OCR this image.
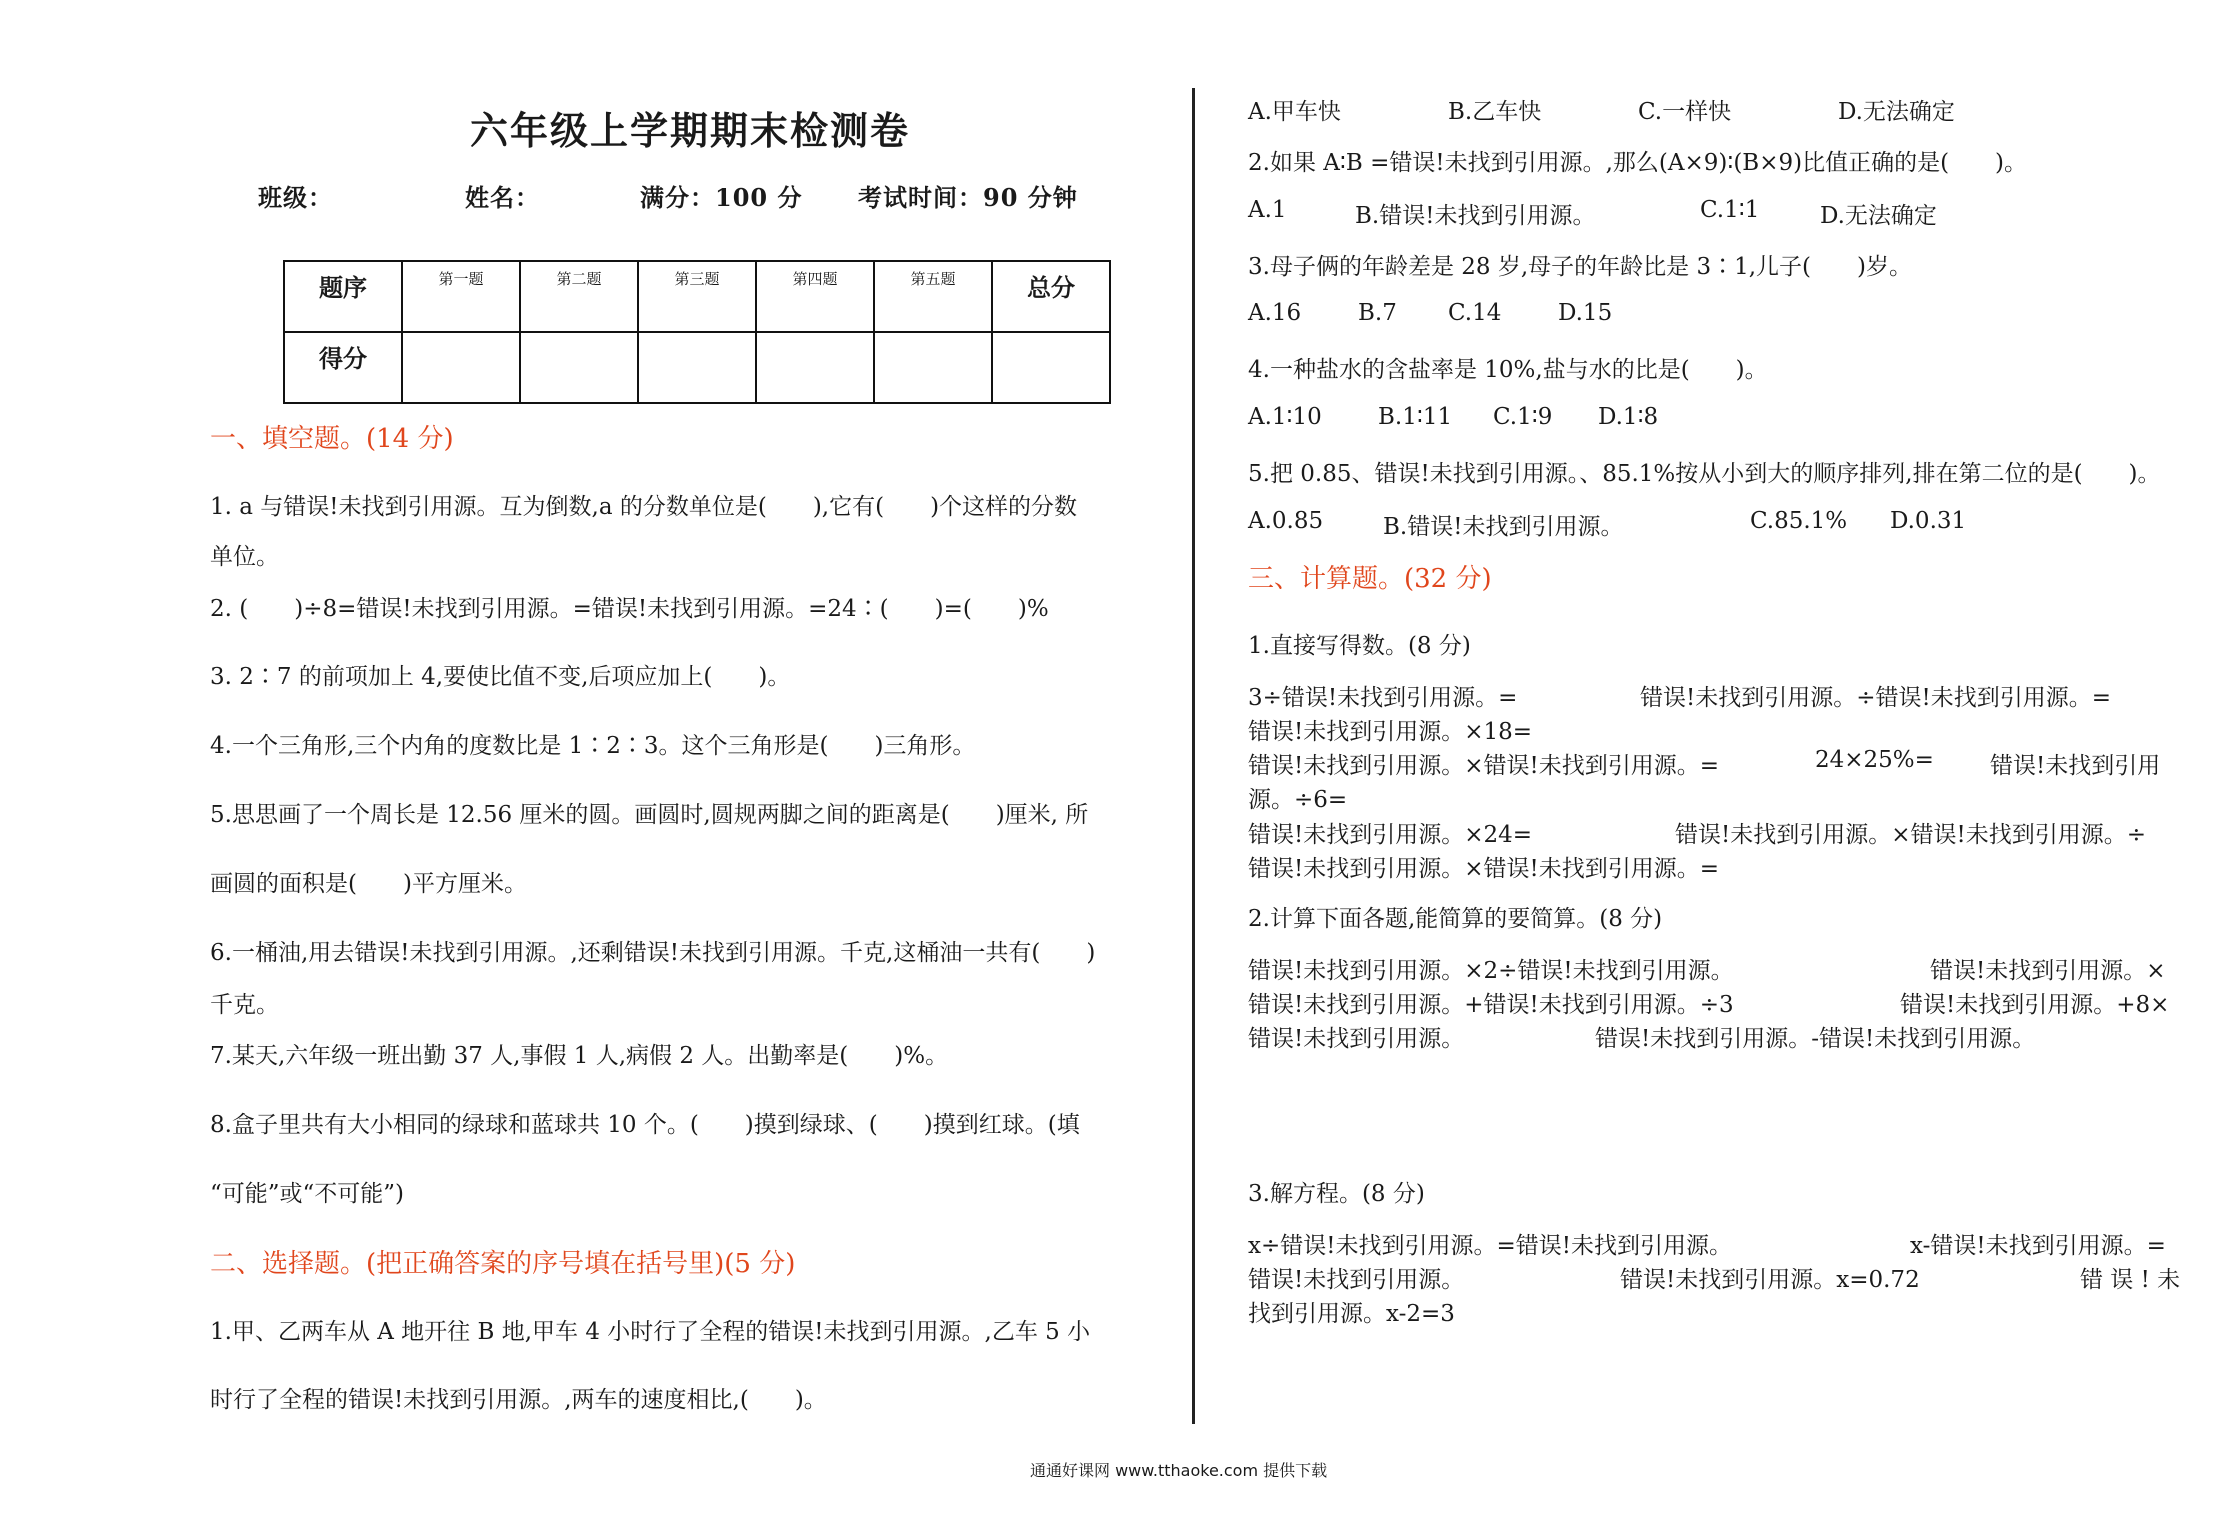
六年级上学期期末检测卷
班级：	姓名：	满分：100 分 考试时间：90 分钟
题序	第一题	第二题	第三题	第四题	第五题	总分
得分						
一、填空题。(14 分)
1. a 与错误!未找到引用源。互为倒数,a 的分数单位是(　　),它有(　　)个这样的分数
单位。
2. (　　)÷8=错误!未找到引用源。=错误!未找到引用源。=24∶(　　)=(　　)%
3. 2∶7 的前项加上 4,要使比值不变,后项应加上(　　)。
4.一个三角形,三个内角的度数比是 1∶2∶3。这个三角形是(　　)三角形。
5.思思画了一个周长是 12.56 厘米的圆。画圆时,圆规两脚之间的距离是(　　)厘米, 所
画圆的面积是(　　)平方厘米。
6.一桶油,用去错误!未找到引用源。,还剩错误!未找到引用源。千克,这桶油一共有(　　)
千克。
7.某天,六年级一班出勤 37 人,事假 1 人,病假 2 人。出勤率是(　　)%。
8.盒子里共有大小相同的绿球和蓝球共 10 个。(　　)摸到绿球、(　　)摸到红球。(填
“可能”或“不可能”)
二、选择题。(把正确答案的序号填在括号里)(5 分)
1.甲、乙两车从 A 地开往 B 地,甲车 4 小时行了全程的错误!未找到引用源。,乙车 5 小
时行了全程的错误!未找到引用源。,两车的速度相比,(　　)。
A.甲车快	B.乙车快	C.一样快	D.无法确定
2.如果 A∶B =错误!未找到引用源。,那么(A×9)∶(B×9)比值正确的是(　　)。
A.1	B.错误!未找到引用源。	C.1∶1	D.无法确定
3.母子俩的年龄差是 28 岁,母子的年龄比是 3∶1,儿子(　　)岁。
A.16 B.7 C.14 D.15
4.一种盐水的含盐率是 10%,盐与水的比是(　　)。
A.1∶10 B.1∶11 C.1∶9 D.1∶8
5.把 0.85、错误!未找到引用源。、85.1%按从小到大的顺序排列,排在第二位的是(　　)。
A.0.85	B.错误!未找到引用源。	C.85.1% D.0.31
三、计算题。(32 分)
1.直接写得数。(8 分)
3÷错误!未找到引用源。=	错误!未找到引用源。÷错误!未找到引用源。=
错误!未找到引用源。×18=
错误!未找到引用源。×错误!未找到引用源。=	24×25%= 错误!未找到引用
源。÷6=
错误!未找到引用源。×24=	错误!未找到引用源。×错误!未找到引用源。÷
错误!未找到引用源。×错误!未找到引用源。=
2.计算下面各题,能简算的要简算。(8 分)
错误!未找到引用源。×2÷错误!未找到引用源。	错误!未找到引用源。×
错误!未找到引用源。+错误!未找到引用源。÷3	错误!未找到引用源。+8×
错误!未找到引用源。	错误!未找到引用源。-错误!未找到引用源。
3.解方程。(8 分)
x÷错误!未找到引用源。=错误!未找到引用源。	x-错误!未找到引用源。=
错误!未找到引用源。	错误!未找到引用源。x=0.72	错 误 ! 未
找到引用源。x-2=3
通通好课网 www.tthaoke.com 提供下载
